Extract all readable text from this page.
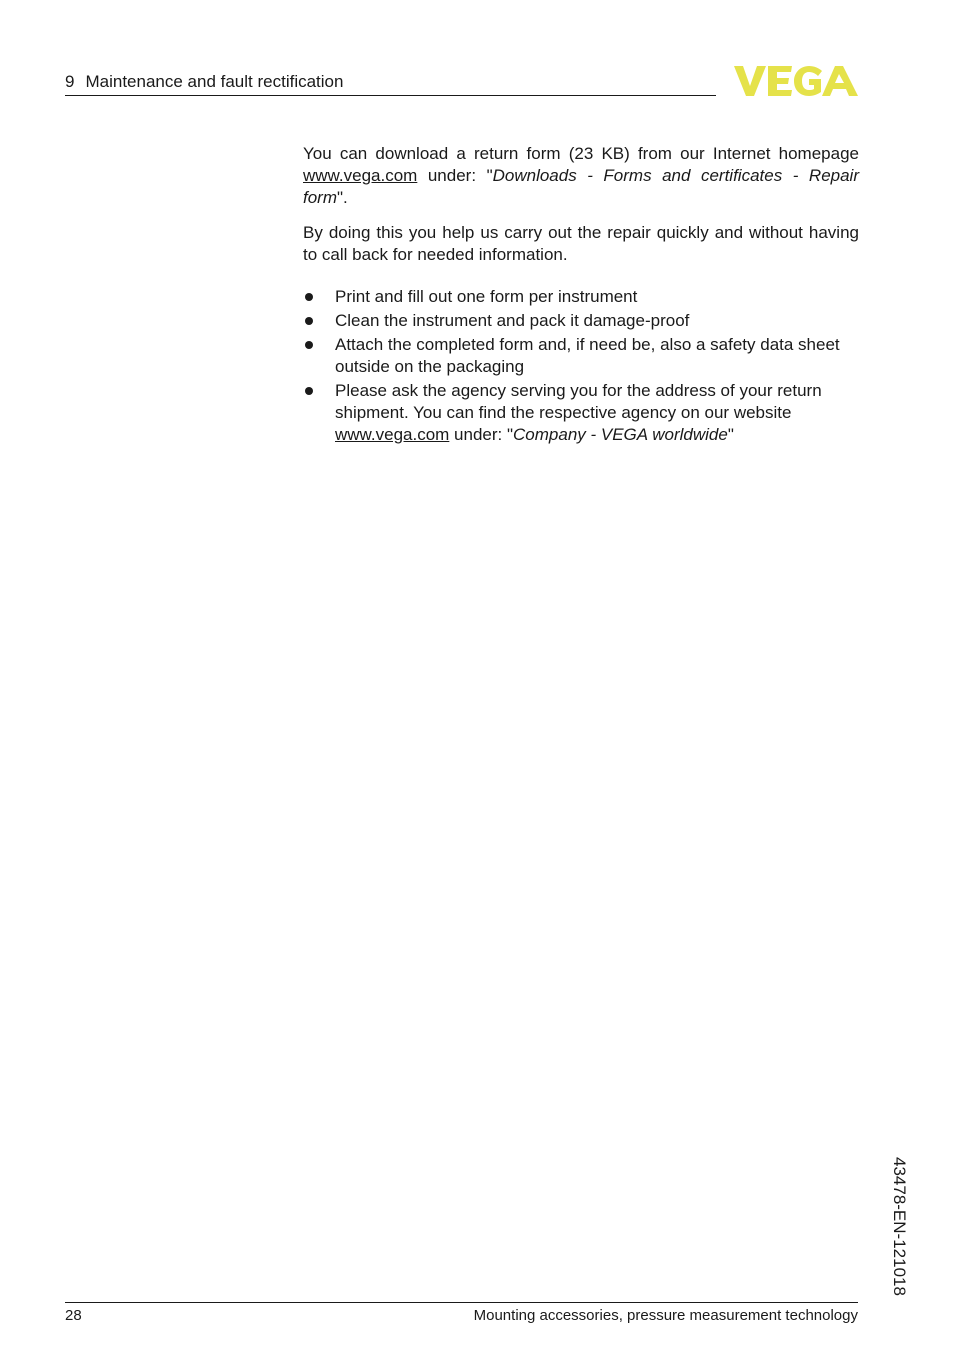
9 Maintenance and fault rectification

You can download a return form (23 KB) from our Internet homepage www.vega.com under: "Downloads - Forms and certificates - Repair form".

By doing this you help us carry out the repair quickly and without having to call back for needed information.

Print and fill out one form per instrument
Clean the instrument and pack it damage-proof
Attach the completed form and, if need be, also a safety data sheet outside on the packaging
Please ask the agency serving you for the address of your return shipment. You can find the respective agency on our website www.vega.com under: "Company - VEGA worldwide"
43478-EN-121018
28	Mounting accessories, pressure measurement technology
